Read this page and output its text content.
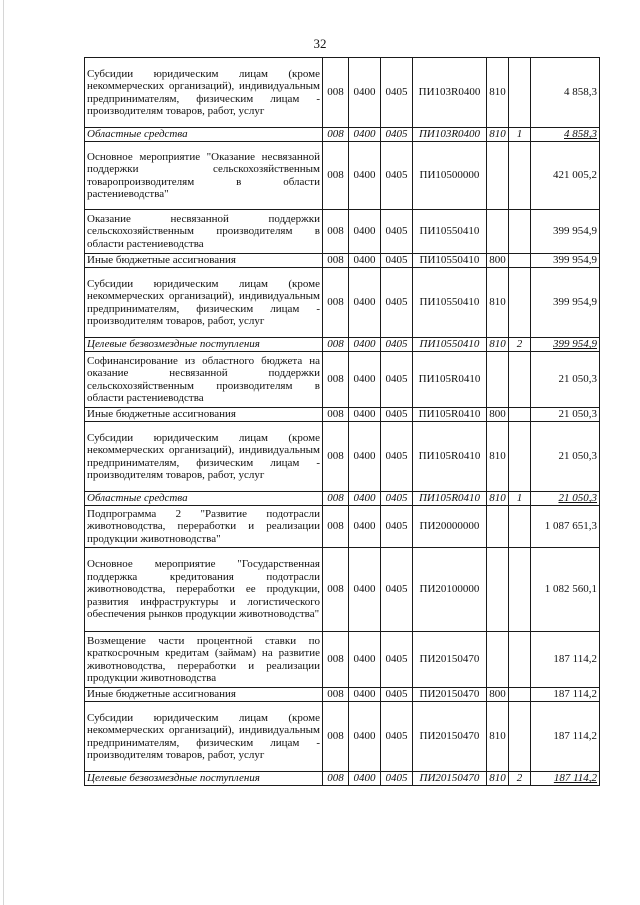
32
Субсидии юридическим лицам (кроме некоммерческих организаций), индивидуальным предпринимателям, физическим лицам - производителям товаров, работ, услуг	008	0400	0405	ПИ103R0400	810		4 858,3
Областные средства	008	0400	0405	ПИ103R0400	810	1	4 858,3
Основное мероприятие "Оказание несвязанной поддержки сельскохозяйственным товаропроизводителям в области растениеводства"	008	0400	0405	ПИ10500000			421 005,2
Оказание несвязанной поддержки сельскохозяйственным производителям в области растениеводства	008	0400	0405	ПИ10550410			399 954,9
Иные бюджетные ассигнования	008	0400	0405	ПИ10550410	800		399 954,9
Субсидии юридическим лицам (кроме некоммерческих организаций), индивидуальным предпринимателям, физическим лицам - производителям товаров, работ, услуг	008	0400	0405	ПИ10550410	810		399 954,9
Целевые безвозмездные поступления	008	0400	0405	ПИ10550410	810	2	399 954,9
Софинансирование из областного бюджета на оказание несвязанной поддержки сельскохозяйственным производителям в области растениеводства	008	0400	0405	ПИ105R0410			21 050,3
Иные бюджетные ассигнования	008	0400	0405	ПИ105R0410	800		21 050,3
Субсидии юридическим лицам (кроме некоммерческих организаций), индивидуальным предпринимателям, физическим лицам - производителям товаров, работ, услуг	008	0400	0405	ПИ105R0410	810		21 050,3
Областные средства	008	0400	0405	ПИ105R0410	810	1	21 050,3
Подпрограмма 2 "Развитие подотрасли животноводства, переработки и реализации продукции животноводства"	008	0400	0405	ПИ20000000			1 087 651,3
Основное мероприятие "Государственная поддержка кредитования подотрасли животноводства, переработки ее продукции, развития инфраструктуры и логистического обеспечения рынков продукции животноводства"	008	0400	0405	ПИ20100000			1 082 560,1
Возмещение части процентной ставки по краткосрочным кредитам (займам) на развитие животноводства, переработки и реализации продукции животноводства	008	0400	0405	ПИ20150470			187 114,2
Иные бюджетные ассигнования	008	0400	0405	ПИ20150470	800		187 114,2
Субсидии юридическим лицам (кроме некоммерческих организаций), индивидуальным предпринимателям, физическим лицам - производителям товаров, работ, услуг	008	0400	0405	ПИ20150470	810		187 114,2
Целевые безвозмездные поступления	008	0400	0405	ПИ20150470	810	2	187 114,2
